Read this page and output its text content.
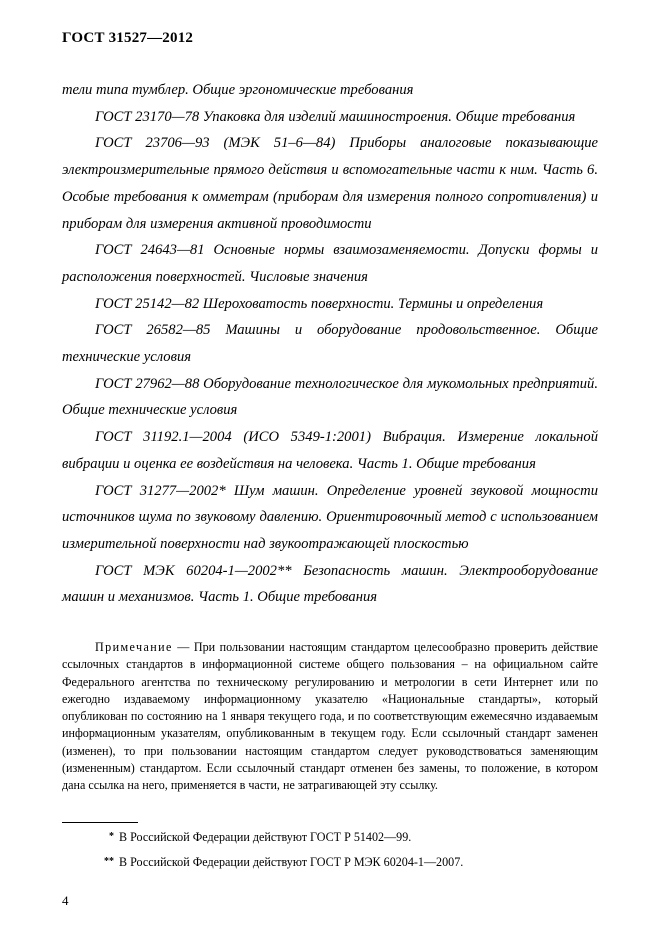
ГОСТ 31527—2012

тели типа тумблер. Общие эргономические требования

ГОСТ 23170—78 Упаковка для изделий машиностроения. Общие требования

ГОСТ 23706—93 (МЭК 51–6—84) Приборы аналоговые показывающие электроизмерительные прямого действия и вспомогательные части к ним. Часть 6. Особые требования к омметрам (приборам для измерения полного сопротивления) и приборам для измерения активной проводимости

ГОСТ 24643—81 Основные нормы взаимозаменяемости. Допуски формы и расположения поверхностей. Числовые значения

ГОСТ 25142—82 Шероховатость поверхности. Термины и определения

ГОСТ 26582—85 Машины и оборудование продовольственное. Общие технические условия

ГОСТ 27962—88 Оборудование технологическое для мукомольных предприятий. Общие технические условия

ГОСТ 31192.1—2004 (ИСО 5349-1:2001) Вибрация. Измерение локальной вибрации и оценка ее воздействия на человека. Часть 1. Общие требования

ГОСТ 31277—2002* Шум машин. Определение уровней звуковой мощности источников шума по звуковому давлению. Ориентировочный метод с использованием измерительной поверхности над звукоотражающей плоскостью

ГОСТ МЭК 60204-1—2002** Безопасность машин. Электрооборудование машин и механизмов. Часть 1. Общие требования

Примечание — При пользовании настоящим стандартом целесообразно проверить действие ссылочных стандартов в информационной системе общего пользования – на официальном сайте Федерального агентства по техническому регулированию и метрологии в сети Интернет или по ежегодно издаваемому информационному указателю «Национальные стандарты», который опубликован по состоянию на 1 января текущего года, и по соответствующим ежемесячно издаваемым информационным указателям, опубликованным в текущем году. Если ссылочный стандарт заменен (изменен), то при пользовании настоящим стандартом следует руководствоваться заменяющим (измененным) стандартом. Если ссылочный стандарт отменен без замены, то положение, в котором дана ссылка на него, применяется в части, не затрагивающей эту ссылку.

* В Российской Федерации действуют ГОСТ Р 51402—99.
** В Российской Федерации действуют ГОСТ Р МЭК 60204-1—2007.
4
